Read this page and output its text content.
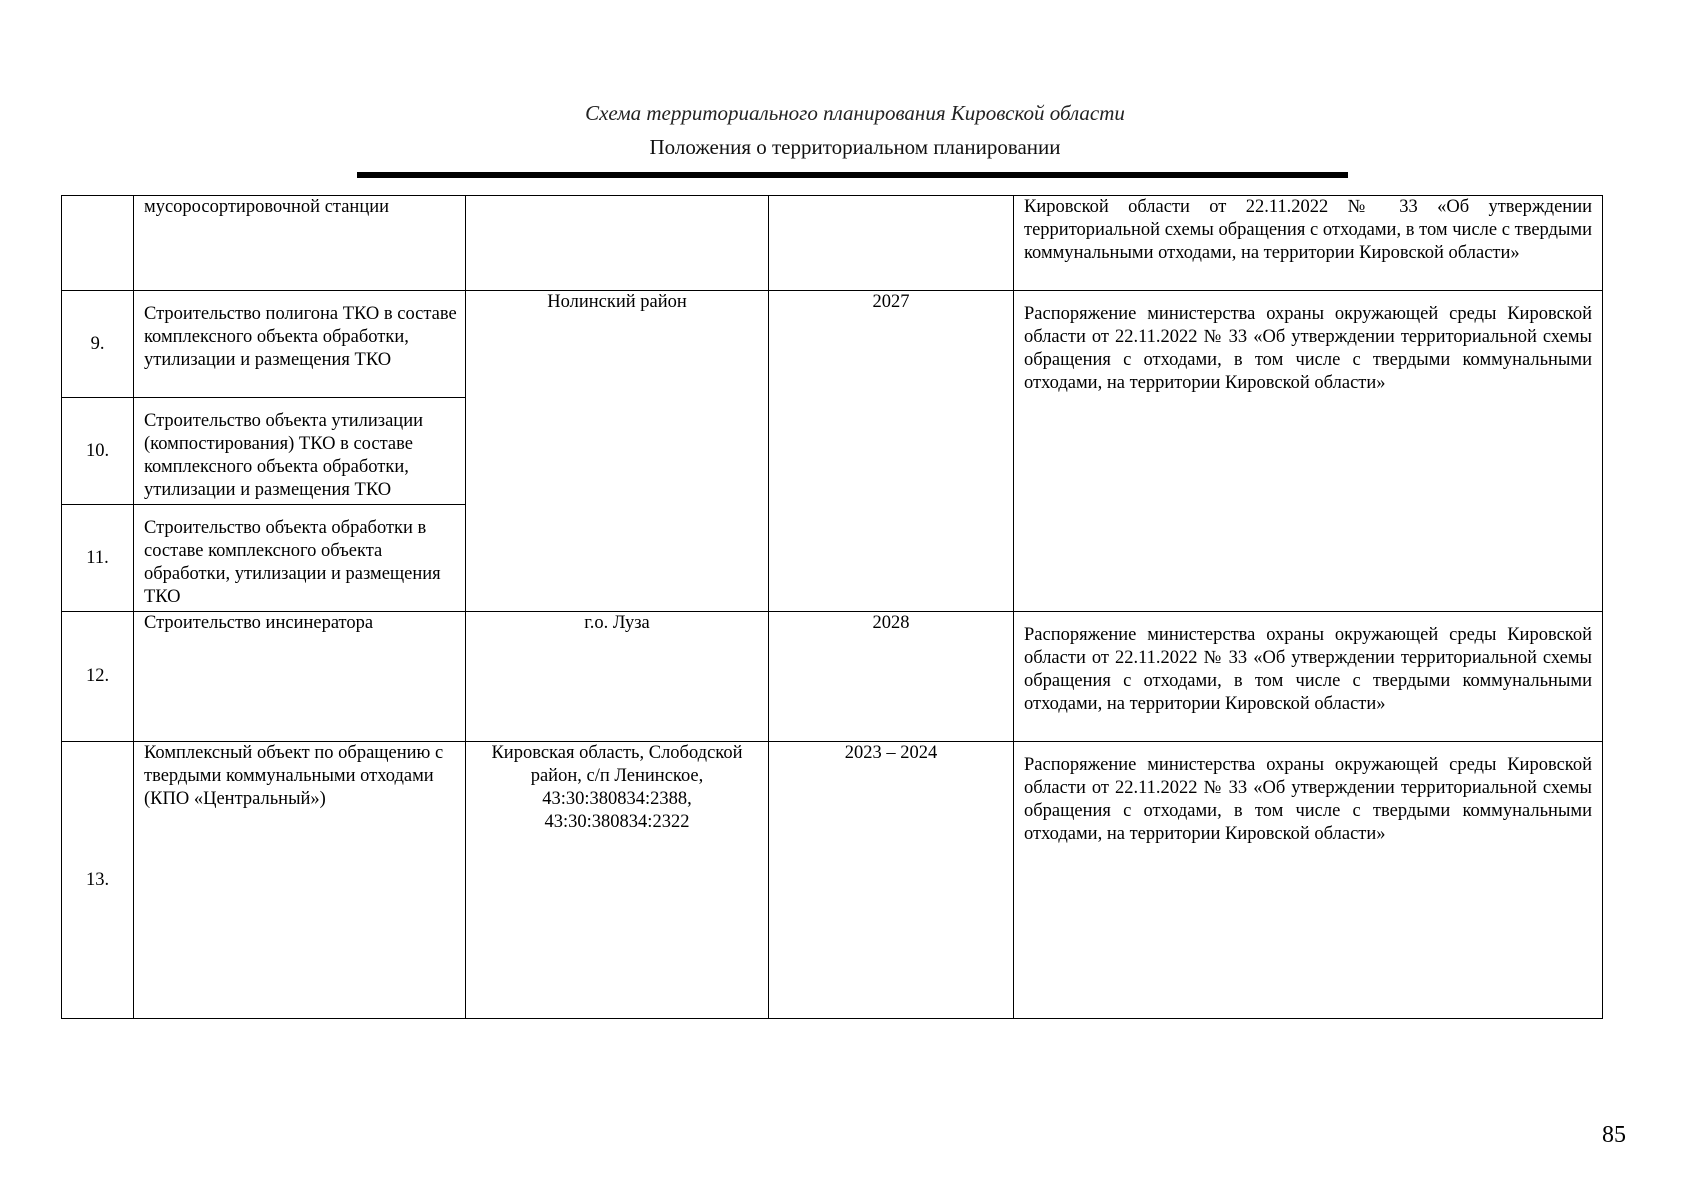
Схема территориального планирования Кировской области
Положения о территориальном планировании
	мусоросортировочной станции			Кировской области от 22.11.2022 № 33 «Об утверждении территориальной схемы обращения с отходами, в том числе с твердыми коммунальными отходами, на территории Кировской области»
9.	Строительство полигона ТКО в составе комплексного объекта обработки, утилизации и размещения ТКО	Нолинский район	2027	Распоряжение министерства охраны окружающей среды Кировской области от 22.11.2022 № 33 «Об утверждении территориальной схемы обращения с отходами, в том числе с твердыми коммунальными отходами, на территории Кировской области»
10.	Строительство объекта утилизации (компостирования) ТКО в составе комплексного объекта обработки, утилизации и размещения ТКО			
11.	Строительство объекта обработки в составе комплексного объекта обработки, утилизации и размещения ТКО			
12.	Строительство инсинератора	г.о. Луза	2028	Распоряжение министерства охраны окружающей среды Кировской области от 22.11.2022 № 33 «Об утверждении территориальной схемы обращения с отходами, в том числе с твердыми коммунальными отходами, на территории Кировской области»
13.	Комплексный объект по обращению с твердыми коммунальными отходами (КПО «Центральный»)	Кировская область, Слободской район, с/п Ленинское, 43:30:380834:2388, 43:30:380834:2322	2023 – 2024	Распоряжение министерства охраны окружающей среды Кировской области от 22.11.2022 № 33 «Об утверждении территориальной схемы обращения с отходами, в том числе с твердыми коммунальными отходами, на территории Кировской области»
85
